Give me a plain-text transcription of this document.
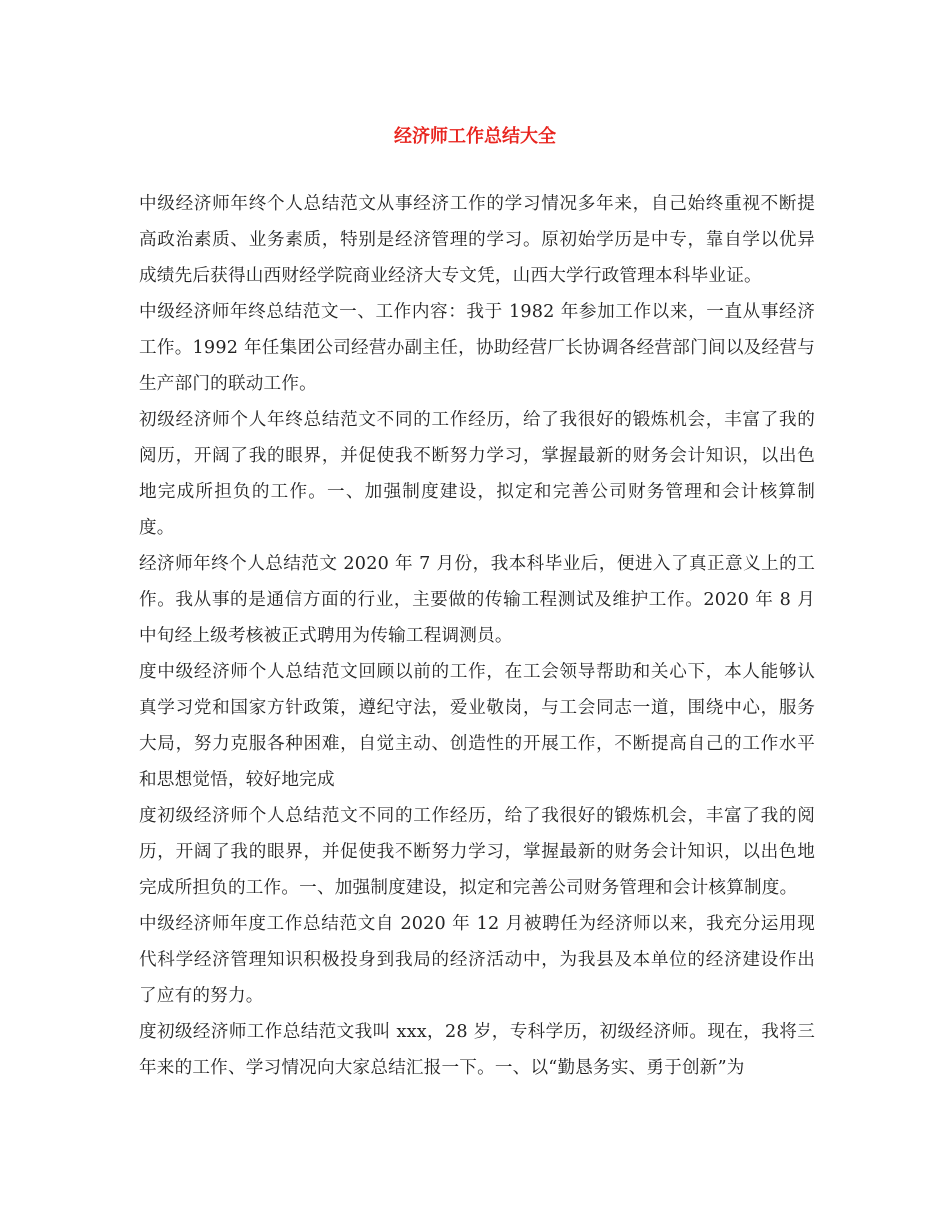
经济师工作总结大全

中级经济师年终个人总结范文从事经济工作的学习情况多年来，自己始终重视不断提高政治素质、业务素质，特别是经济管理的学习。原初始学历是中专，靠自学以优异成绩先后获得山西财经学院商业经济大专文凭，山西大学行政管理本科毕业证。

中级经济师年终总结范文一、工作内容：我于 1982 年参加工作以来，一直从事经济工作。1992 年任集团公司经营办副主任，协助经营厂长协调各经营部门间以及经营与生产部门的联动工作。

初级经济师个人年终总结范文不同的工作经历，给了我很好的锻炼机会，丰富了我的阅历，开阔了我的眼界，并促使我不断努力学习，掌握最新的财务会计知识，以出色地完成所担负的工作。一、加强制度建设，拟定和完善公司财务管理和会计核算制度。

经济师年终个人总结范文 2020 年 7 月份，我本科毕业后，便进入了真正意义上的工作。我从事的是通信方面的行业，主要做的传输工程测试及维护工作。2020 年 8 月中旬经上级考核被正式聘用为传输工程调测员。

度中级经济师个人总结范文回顾以前的工作，在工会领导帮助和关心下，本人能够认真学习党和国家方针政策，遵纪守法，爱业敬岗，与工会同志一道，围绕中心，服务大局，努力克服各种困难，自觉主动、创造性的开展工作，不断提高自己的工作水平和思想觉悟，较好地完成

度初级经济师个人总结范文不同的工作经历，给了我很好的锻炼机会，丰富了我的阅历，开阔了我的眼界，并促使我不断努力学习，掌握最新的财务会计知识，以出色地完成所担负的工作。一、加强制度建设，拟定和完善公司财务管理和会计核算制度。

中级经济师年度工作总结范文自 2020 年 12 月被聘任为经济师以来，我充分运用现代科学经济管理知识积极投身到我局的经济活动中，为我县及本单位的经济建设作出了应有的努力。

度初级经济师工作总结范文我叫 xxx，28 岁，专科学历，初级经济师。现在，我将三年来的工作、学习情况向大家总结汇报一下。一、以“勤恳务实、勇于创新”为
